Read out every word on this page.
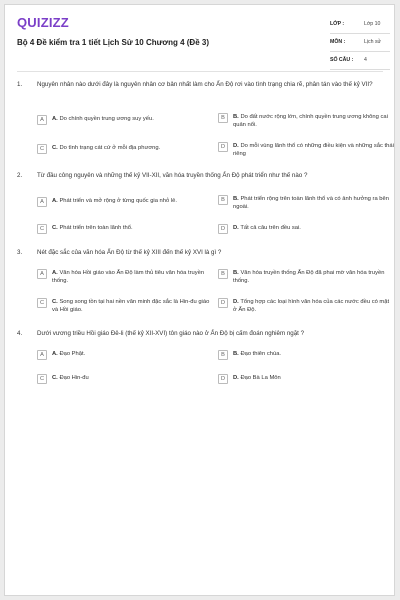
QUIZIZZ
Bộ 4 Đề kiểm tra 1 tiết Lịch Sử 10 Chương 4 (Đề 3)
LỚP :	Lớp 10
MÔN :	Lịch sử
SỐ CÂU : 4
1. Nguyên nhân nào dưới đây là nguyên nhân cơ bản nhất làm cho Ấn Độ rơi vào tình trạng chia rẽ, phân tán vào thế kỷ VII?
A	A. Do chính quyền trung ương suy yếu.	B	B. Do đất nước rộng lớn, chính quyền trung ương không cai quản nổi.
C	C. Do tình trạng cát cứ ở mỗi địa phương.	D	D. Do mỗi vùng lãnh thổ có những điều kiện và những sắc thái riêng
2. Từ đầu công nguyên và những thế kỷ VII-XII, văn hóa truyền thống Ấn Độ phát triển như thế nào ?
A	A. Phát triển và mở rộng ở từng quốc gia nhỏ lẻ.	B	B. Phát triển rộng trên toàn lãnh thổ và có ảnh hưởng ra bên ngoài.
C	C. Phát triển trên toàn lãnh thổ.	D	D. Tất cả câu trên đều sai.
3. Nét đặc sắc của văn hóa Ấn Độ từ thế kỷ XIII đến thế kỷ XVI là gì ?
A	A. Văn hóa Hồi giáo vào Ấn Độ làm thủ tiêu văn hóa truyền thống.
B	B. Văn hóa truyền thống Ấn Độ đã phai mờ văn hóa truyền thống.
C	C. Song song tồn tại hai nền văn minh đặc sắc là Hin-đu giáo và Hồi giáo.
D	D. Tổng hợp các loại hình văn hóa của các nước đều có mặt ở Ấn Độ.
4. Dưới vương triều Hồi giáo Đê-li (thế kỷ XII-XVI) tôn giáo nào ở Ấn Độ bị cấm đoán nghiêm ngặt ?
A	A. Đạo Phật.	B	B. Đạo thiên chúa.
C	C. Đạo Hin-đu	D	D. Đạo Bà La Môn
